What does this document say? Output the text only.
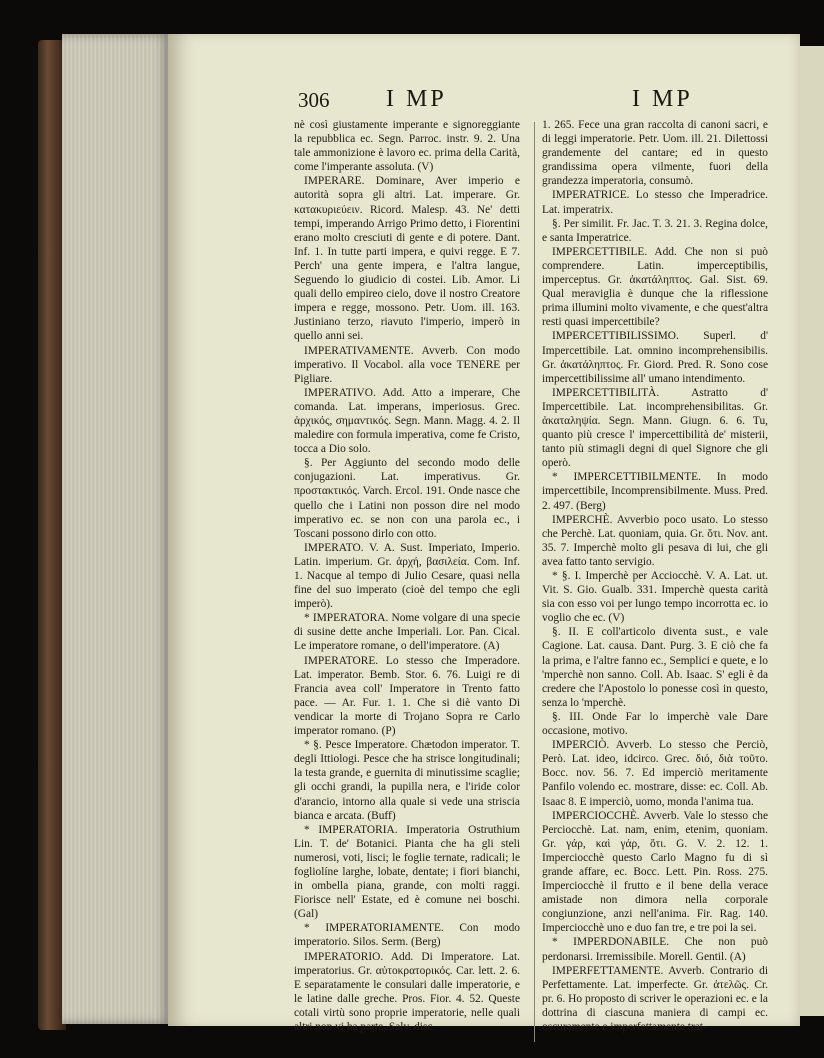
306 I MP	I MP

nè così giustamente imperante e signoreggiante la repubblica ec. Segn. Parroc. instr. 9. 2. Una tale ammonizione è lavoro ec. prima della Carità, come l'imperante assoluta. (V)

IMPERARE. Dominare, Aver imperio e autorità sopra gli altri. Lat. imperare. Gr. κατακυριεύειν. Ricord. Malesp. 43. Ne' detti tempi, imperando Arrigo Primo detto, i Fiorentini erano molto cresciuti di gente e di potere. Dant. Inf. 1. In tutte parti impera, e quivi regge. E 7. Perch' una gente impera, e l'altra langue, Seguendo lo giudicio di costei. Lib. Amor. Li quali dello empireo cielo, dove il nostro Creatore impera e regge, mossono. Petr. Uom. ill. 163. Justiniano terzo, riavuto l'imperio, imperò in quello anni sei.

IMPERATIVAMENTE. Avverb. Con modo imperativo. Il Vocabol. alla voce TENERE per Pigliare.

IMPERATIVO. Add. Atto a imperare, Che comanda. Lat. imperans, imperiosus. Grec. ἀρχικός, σημαντικός. Segn. Mann. Magg. 4. 2. Il maledire con formula imperativa, come fe Cristo, tocca a Dio solo.

§. Per Aggiunto del secondo modo delle conjugazioni. Lat. imperativus. Gr. προστακτικός. Varch. Ercol. 191. Onde nasce che quello che i Latini non posson dire nel modo imperativo ec. se non con una parola ec., i Toscani possono dirlo con otto.

IMPERATO. V. A. Sust. Imperiato, Imperio. Latin. imperium. Gr. ἀρχή, βασιλεία. Com. Inf. 1. Nacque al tempo di Julio Cesare, quasi nella fine del suo imperato (cioè del tempo che egli imperò).

* IMPERATORA. Nome volgare di una specie di susine dette anche Imperiali. Lor. Pan. Cical. Le imperatore romane, o dell'imperatore. (A)

IMPERATORE. Lo stesso che Imperadore. Lat. imperator. Bemb. Stor. 6. 76. Luigi re di Francia avea coll' Imperatore in Trento fatto pace. — Ar. Fur. 1. 1. Che si diè vanto Di vendicar la morte di Trojano Sopra re Carlo imperator romano. (P)

* §. Pesce Imperatore. Chætodon imperator. T. degli Ittiologi. Pesce che ha strisce longitudinali; la testa grande, e guernita di minutissime scaglie; gli occhi grandi, la pupilla nera, e l'iride color d'arancio, intorno alla quale si vede una striscia bianca e arcata. (Buff)

* IMPERATORIA. Imperatoria Ostruthium Lin. T. de' Botanici. Pianta che ha gli steli numerosi, voti, lisci; le foglie ternate, radicali; le fogliolíne larghe, lobate, dentate; i fiori bianchi, in ombella piana, grande, con molti raggi. Fiorisce nell' Estate, ed è comune nei boschi. (Gal)

* IMPERATORIAMENTE. Con modo imperatorio. Silos. Serm. (Berg)

IMPERATORIO. Add. Di Imperatore. Lat. imperatorius. Gr. αὐτοκρατορικός. Car. lett. 2. 6. E separatamente le consulari dalle imperatorie, e le latine dalle greche. Pros. Fior. 4. 52. Queste cotali virtù sono proprie imperatorie, nelle quali altri non vi ha parte. Salv. disc.

1. 265. Fece una gran raccolta di canoni sacri, e di leggi imperatorie. Petr. Uom. ill. 21. Dilettossi grandemente del cantare; ed in questo grandissima opera vilmente, fuori della grandezza imperatoria, consumò.

IMPERATRICE. Lo stesso che Imperadrice. Lat. imperatrix.

§. Per similit. Fr. Jac. T. 3. 21. 3. Regina dolce, e santa Imperatrice.

IMPERCETTIBILE. Add. Che non si può comprendere. Latin. imperceptibilis, imperceptus. Gr. ἀκατάληπτος. Gal. Sist. 69. Qual meraviglia è dunque che la riflessione prima illumini molto vivamente, e che quest'altra resti quasi impercettibile?

IMPERCETTIBILISSIMO. Superl. d' Impercettibile. Lat. omnino incomprehensibilis. Gr. ἀκατάληπτος. Fr. Giord. Pred. R. Sono cose impercettibilissime all' umano intendimento.

IMPERCETTIBILITÀ. Astratto d' Impercettibile. Lat. incomprehensibilitas. Gr. ἀκαταληψία. Segn. Mann. Giugn. 6. 6. Tu, quanto più cresce l' impercettibilità de' misterii, tanto più stimagli degni di quel Signore che gli operò.

* IMPERCETTIBILMENTE. In modo impercettibile, Incomprensibilmente. Muss. Pred. 2. 497. (Berg)

IMPERCHÈ. Avverbio poco usato. Lo stesso che Perchè. Lat. quoniam, quia. Gr. ὅτι. Nov. ant. 35. 7. Imperchè molto gli pesava di lui, che gli avea fatto tanto servigio.

* §. I. Imperchè per Acciocchè. V. A. Lat. ut. Vit. S. Gio. Gualb. 331. Imperchè questa carità sia con esso voi per lungo tempo incorrotta ec. io voglio che ec. (V)

§. II. E coll'articolo diventa sust., e vale Cagione. Lat. causa. Dant. Purg. 3. E ciò che fa la prima, e l'altre fanno ec., Semplici e quete, e lo 'mperchè non sanno. Coll. Ab. Isaac. S' egli è da credere che l'Apostolo lo ponesse così in questo, senza lo 'mperchè.

§. III. Onde Far lo imperchè vale Dare occasione, motivo.

IMPERCIÒ. Avverb. Lo stesso che Perciò, Però. Lat. ideo, idcirco. Grec. διό, διὰ τοῦτο. Bocc. nov. 56. 7. Ed imperciò meritamente Panfilo volendo ec. mostrare, disse: ec. Coll. Ab. Isaac 8. E imperciò, uomo, monda l'anima tua.

IMPERCIOCCHÈ. Avverb. Vale lo stesso che Perciocchè. Lat. nam, enim, etenim, quoniam. Gr. γάρ, καὶ γάρ, ὅτι. G. V. 2. 12. 1. Imperciocchè questo Carlo Magno fu di sì grande affare, ec. Bocc. Lett. Pin. Ross. 275. Imperciocchè il frutto e il bene della verace amistade non dimora nella corporale congiunzione, anzi nell'anima. Fir. Rag. 140. Imperciocchè uno e duo fan tre, e tre poi la sei.

* IMPERDONABILE. Che non può perdonarsi. Irremissibile. Morell. Gentil. (A)

IMPERFETTAMENTE. Avverb. Contrario di Perfettamente. Lat. imperfecte. Gr. ἀτελῶς. Cr. pr. 6. Ho proposto di scriver le operazioni ec. e la dottrina di ciascuna maniera di campi ec. oscuramente e imperfettamente trat-
